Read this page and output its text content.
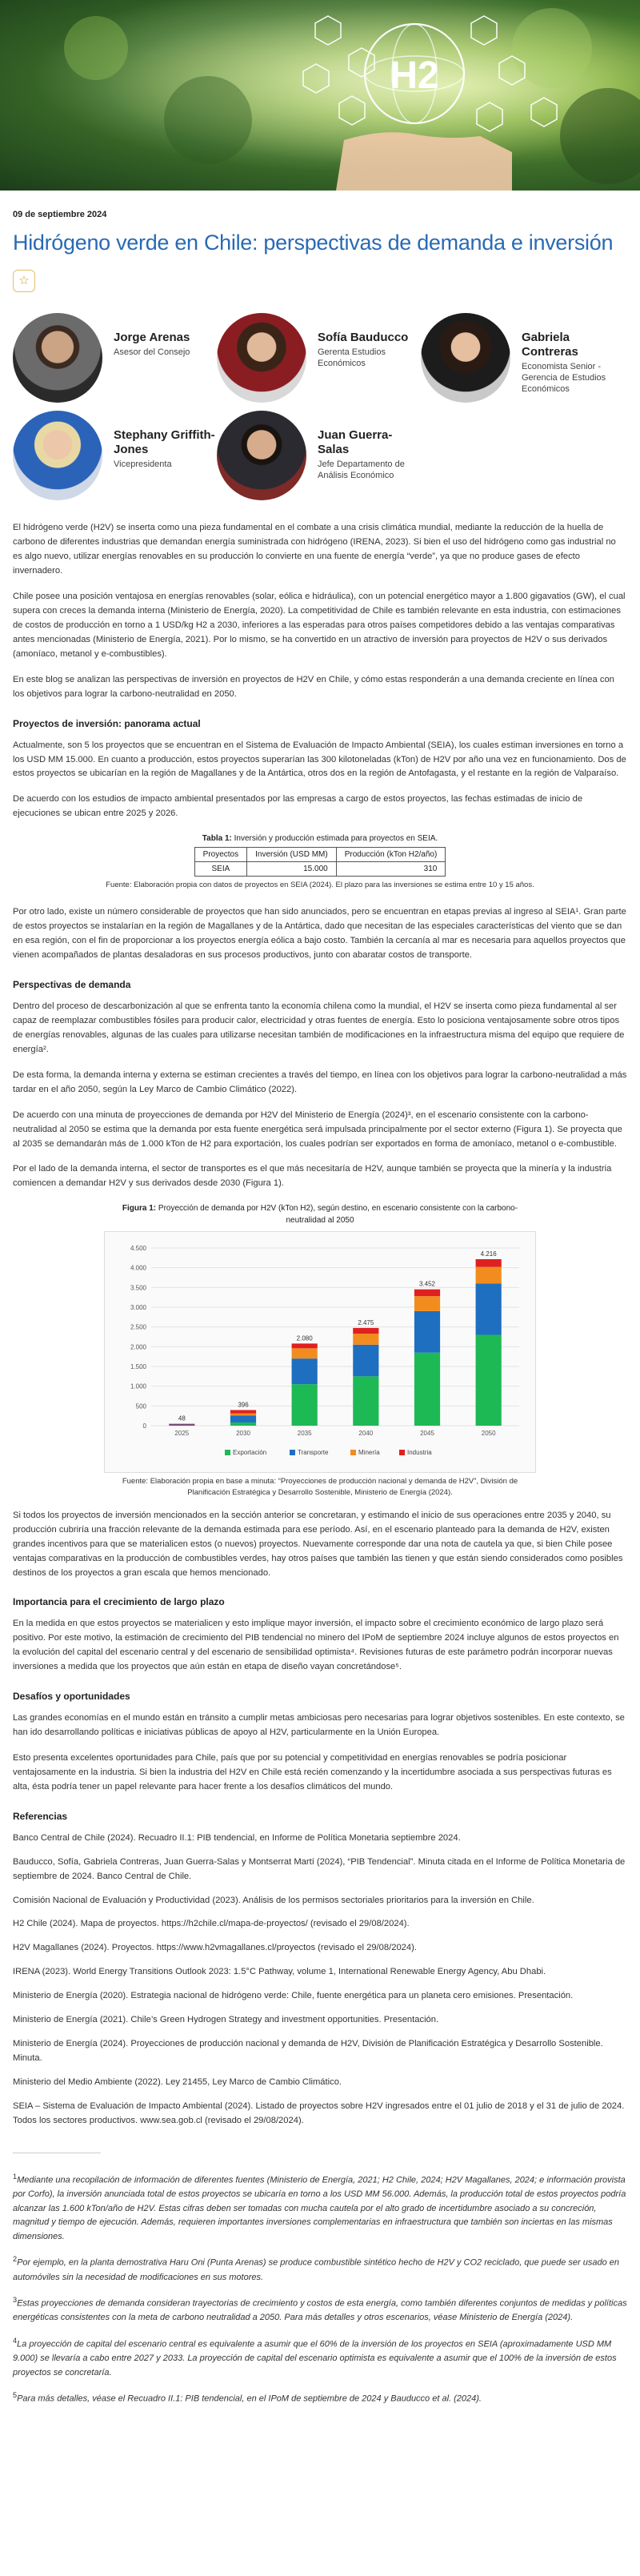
H2
09 de septiembre 2024
Hidrógeno verde en Chile: perspectivas de demanda e inversión
☆
Jorge Arenas
Asesor del Consejo
Sofía Bauducco
Gerenta Estudios Económicos
Gabriela Contreras
Economista Senior - Gerencia de Estudios Económicos
Stephany Griffith-Jones
Vicepresidenta
Juan Guerra-Salas
Jefe Departamento de Análisis Económico

El hidrógeno verde (H2V) se inserta como una pieza fundamental en el combate a una crisis climática mundial, mediante la reducción de la huella de carbono de diferentes industrias que demandan energía suministrada con hidrógeno (IRENA, 2023). Si bien el uso del hidrógeno como gas industrial no es algo nuevo, utilizar energías renovables en su producción lo convierte en una fuente de energía “verde”, ya que no produce gases de efecto invernadero.

Chile posee una posición ventajosa en energías renovables (solar, eólica e hidráulica), con un potencial energético mayor a 1.800 gigavatios (GW), el cual supera con creces la demanda interna (Ministerio de Energía, 2020). La competitividad de Chile es también relevante en esta industria, con estimaciones de costos de producción en torno a 1 USD/kg H2 a 2030, inferiores a las esperadas para otros países competidores debido a las ventajas comparativas antes mencionadas (Ministerio de Energía, 2021). Por lo mismo, se ha convertido en un atractivo de inversión para proyectos de H2V o sus derivados (amoníaco, metanol y e-combustibles).

En este blog se analizan las perspectivas de inversión en proyectos de H2V en Chile, y cómo estas responderán a una demanda creciente en línea con los objetivos para lograr la carbono-neutralidad en 2050.

Proyectos de inversión: panorama actual

Actualmente, son 5 los proyectos que se encuentran en el Sistema de Evaluación de Impacto Ambiental (SEIA), los cuales estiman inversiones en torno a los USD MM 15.000. En cuanto a producción, estos proyectos superarían las 300 kilotoneladas (kTon) de H2V por año una vez en funcionamiento. Dos de estos proyectos se ubicarían en la región de Magallanes y de la Antártica, otros dos en la región de Antofagasta, y el restante en la región de Valparaíso.

De acuerdo con los estudios de impacto ambiental presentados por las empresas a cargo de estos proyectos, las fechas estimadas de inicio de ejecuciones se ubican entre 2025 y 2026.

Tabla 1: Inversión y producción estimada para proyectos en SEIA.
Proyectos	Inversión (USD MM)	Producción (kTon H2/año)
SEIA	15.000	310
Fuente: Elaboración propia con datos de proyectos en SEIA (2024). El plazo para las inversiones se estima entre 10 y 15 años.

Por otro lado, existe un número considerable de proyectos que han sido anunciados, pero se encuentran en etapas previas al ingreso al SEIA¹. Gran parte de estos proyectos se instalarían en la región de Magallanes y de la Antártica, dado que necesitan de las especiales características del viento que se dan en esa región, con el fin de proporcionar a los proyectos energía eólica a bajo costo. También la cercanía al mar es necesaria para aquellos proyectos que vienen acompañados de plantas desaladoras en sus procesos productivos, junto con abaratar costos de transporte.

Perspectivas de demanda

Dentro del proceso de descarbonización al que se enfrenta tanto la economía chilena como la mundial, el H2V se inserta como pieza fundamental al ser capaz de reemplazar combustibles fósiles para producir calor, electricidad y otras fuentes de energía. Esto lo posiciona ventajosamente sobre otros tipos de energías renovables, algunas de las cuales para utilizarse necesitan también de modificaciones en la infraestructura misma del equipo que requiere de energía².

De esta forma, la demanda interna y externa se estiman crecientes a través del tiempo, en línea con los objetivos para lograr la carbono-neutralidad a más tardar en el año 2050, según la Ley Marco de Cambio Climático (2022).

De acuerdo con una minuta de proyecciones de demanda por H2V del Ministerio de Energía (2024)³, en el escenario consistente con la carbono-neutralidad al 2050 se estima que la demanda por esta fuente energética será impulsada principalmente por el sector externo (Figura 1). Se proyecta que al 2035 se demandarán más de 1.000 kTon de H2 para exportación, los cuales podrían ser exportados en forma de amoníaco, metanol o e-combustible.

Por el lado de la demanda interna, el sector de transportes es el que más necesitaría de H2V, aunque también se proyecta que la minería y la industria comiencen a demandar H2V y sus derivados desde 2030 (Figura 1).

Figura 1: Proyección de demanda por H2V (kTon H2), según destino, en escenario consistente con la carbono-neutralidad al 2050
0
500
1.000
1.500
2.000
2.500
3.000
3.500
4.000
4.500
48
2025
396
2030
2.080
2035
2.475
2040
3.452
2045
4.216
2050
Exportación	Transporte	Minería	Industria
Fuente: Elaboración propia en base a minuta: “Proyecciones de producción nacional y demanda de H2V”, División de Planificación Estratégica y Desarrollo Sostenible, Ministerio de Energía (2024).

Si todos los proyectos de inversión mencionados en la sección anterior se concretaran, y estimando el inicio de sus operaciones entre 2035 y 2040, su producción cubriría una fracción relevante de la demanda estimada para ese período. Así, en el escenario planteado para la demanda de H2V, existen grandes incentivos para que se materialicen estos (o nuevos) proyectos. Nuevamente corresponde dar una nota de cautela ya que, si bien Chile posee ventajas comparativas en la producción de combustibles verdes, hay otros países que también las tienen y que están siendo considerados como posibles destinos de los proyectos a gran escala que hemos mencionado.

Importancia para el crecimiento de largo plazo

En la medida en que estos proyectos se materialicen y esto implique mayor inversión, el impacto sobre el crecimiento económico de largo plazo será positivo. Por este motivo, la estimación de crecimiento del PIB tendencial no minero del IPoM de septiembre 2024 incluye algunos de estos proyectos en la evolución del capital del escenario central y del escenario de sensibilidad optimista⁴. Revisiones futuras de este parámetro podrán incorporar nuevas inversiones a medida que los proyectos que aún están en etapa de diseño vayan concretándose⁵.

Desafíos y oportunidades

Las grandes economías en el mundo están en tránsito a cumplir metas ambiciosas pero necesarias para lograr objetivos sostenibles. En este contexto, se han ido desarrollando políticas e iniciativas públicas de apoyo al H2V, particularmente en la Unión Europea.

Esto presenta excelentes oportunidades para Chile, país que por su potencial y competitividad en energías renovables se podría posicionar ventajosamente en la industria. Si bien la industria del H2V en Chile está recién comenzando y la incertidumbre asociada a sus perspectivas futuras es alta, ésta podría tener un papel relevante para hacer frente a los desafíos climáticos del mundo.

Referencias

Banco Central de Chile (2024). Recuadro II.1: PIB tendencial, en Informe de Política Monetaria septiembre 2024.

Bauducco, Sofía, Gabriela Contreras, Juan Guerra-Salas y Montserrat Martí (2024), “PIB Tendencial”. Minuta citada en el Informe de Política Monetaria de septiembre de 2024. Banco Central de Chile.

Comisión Nacional de Evaluación y Productividad (2023). Análisis de los permisos sectoriales prioritarios para la inversión en Chile.

H2 Chile (2024). Mapa de proyectos. https://h2chile.cl/mapa-de-proyectos/ (revisado el 29/08/2024).

H2V Magallanes (2024). Proyectos. https://www.h2vmagallanes.cl/proyectos (revisado el 29/08/2024).

IRENA (2023). World Energy Transitions Outlook 2023: 1.5°C Pathway, volume 1, International Renewable Energy Agency, Abu Dhabi.

Ministerio de Energía (2020). Estrategia nacional de hidrógeno verde: Chile, fuente energética para un planeta cero emisiones. Presentación.

Ministerio de Energía (2021). Chile’s Green Hydrogen Strategy and investment opportunities. Presentación.

Ministerio de Energía (2024). Proyecciones de producción nacional y demanda de H2V, División de Planificación Estratégica y Desarrollo Sostenible. Minuta.

Ministerio del Medio Ambiente (2022). Ley 21455, Ley Marco de Cambio Climático.

SEIA – Sistema de Evaluación de Impacto Ambiental (2024). Listado de proyectos sobre H2V ingresados entre el 01 julio de 2018 y el 31 de julio de 2024. Todos los sectores productivos. www.sea.gob.cl (revisado el 29/08/2024).

$^1$Mediante una recopilación de información de diferentes fuentes (Ministerio de Energía, 2021; H2 Chile, 2024; H2V Magallanes, 2024; e información provista por Corfo), la inversión anunciada total de estos proyectos se ubicaría en torno a los USD MM 56.000. Además, la producción total de estos proyectos podría alcanzar las 1.600 kTon/año de H2V. Estas cifras deben ser tomadas con mucha cautela por el alto grado de incertidumbre asociado a su concreción, magnitud y tiempo de ejecución. Además, requieren importantes inversiones complementarias en infraestructura que también son inciertas en las mismas dimensiones.

$^2$Por ejemplo, en la planta demostrativa Haru Oni (Punta Arenas) se produce combustible sintético hecho de H2V y CO2 reciclado, que puede ser usado en automóviles sin la necesidad de modificaciones en sus motores.

$^3$Estas proyecciones de demanda consideran trayectorias de crecimiento y costos de esta energía, como también diferentes conjuntos de medidas y políticas energéticas consistentes con la meta de carbono neutralidad a 2050. Para más detalles y otros escenarios, véase Ministerio de Energía (2024).

$^4$La proyección de capital del escenario central es equivalente a asumir que el 60% de la inversión de los proyectos en SEIA (aproximadamente USD MM 9.000) se llevaría a cabo entre 2027 y 2033. La proyección de capital del escenario optimista es equivalente a asumir que el 100% de la inversión de estos proyectos se concretaría.

$^5$Para más detalles, véase el Recuadro II.1: PIB tendencial, en el IPoM de septiembre de 2024 y Bauducco et al. (2024).
